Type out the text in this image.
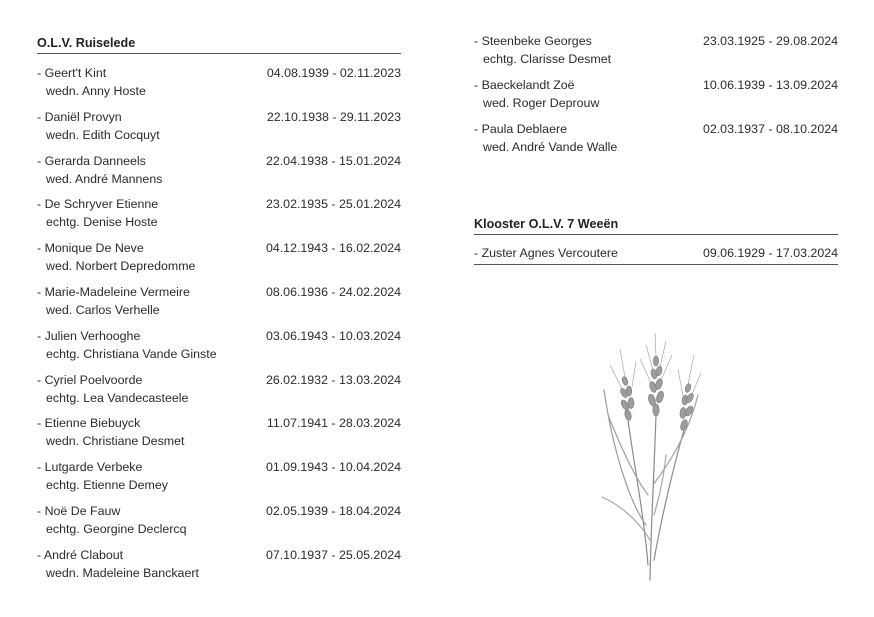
O.L.V. Ruiselede
- Geert't Kint
wedn. Anny Hoste
04.08.1939 - 02.11.2023
- Daniël Provyn
wedn. Edith Cocquyt
22.10.1938 - 29.11.2023
- Gerarda Danneels
wed. André Mannens
22.04.1938 - 15.01.2024
- De Schryver Etienne
echtg. Denise Hoste
23.02.1935 - 25.01.2024
- Monique De Neve
wed. Norbert Depredomme
04.12.1943 - 16.02.2024
- Marie-Madeleine Vermeire
wed. Carlos Verhelle
08.06.1936 - 24.02.2024
- Julien Verhooghe
echtg. Christiana Vande Ginste
03.06.1943 - 10.03.2024
- Cyriel Poelvoorde
echtg. Lea Vandecasteele
26.02.1932 - 13.03.2024
- Etienne Biebuyck
wedn. Christiane Desmet
11.07.1941 - 28.03.2024
- Lutgarde Verbeke
echtg. Etienne Demey
01.09.1943 - 10.04.2024
- Noë De Fauw
echtg. Georgine Declercq
02.05.1939 - 18.04.2024
- André Clabout
wedn. Madeleine Banckaert
07.10.1937 - 25.05.2024
- Steenbeke Georges
echtg. Clarisse Desmet
23.03.1925 - 29.08.2024
- Baeckelandt Zoë
wed. Roger Deprouw
10.06.1939 - 13.09.2024
- Paula Deblaere
wed. André Vande Walle
02.03.1937 - 08.10.2024
Klooster O.L.V. 7 Weeën
- Zuster Agnes Vercoutere	09.06.1929 - 17.03.2024
